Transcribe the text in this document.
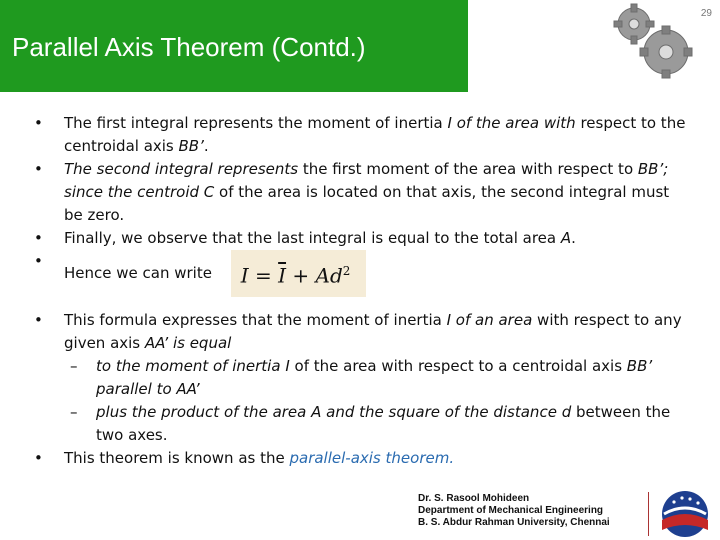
Parallel Axis Theorem (Contd.)
29
• The first integral represents the moment of inertia I of the area with respect to the centroidal axis BB’.
• The second integral represents the first moment of the area with respect to BB’; since the centroid C of the area is located on that axis, the second integral must be zero.
• Finally, we observe that the last integral is equal to the total area A.
• Hence we can write $I = \overline{I} + Ad^2$
• This formula expresses that the moment of inertia I of an area with respect to any given axis AA’ is equal
– to the moment of inertia I of the area with respect to a centroidal axis BB’ parallel to AA’
– plus the product of the area A and the square of the distance d between the two axes.
• This theorem is known as the parallel-axis theorem.
Dr. S. Rasool Mohideen
Department of Mechanical Engineering
B. S. Abdur Rahman University, Chennai
